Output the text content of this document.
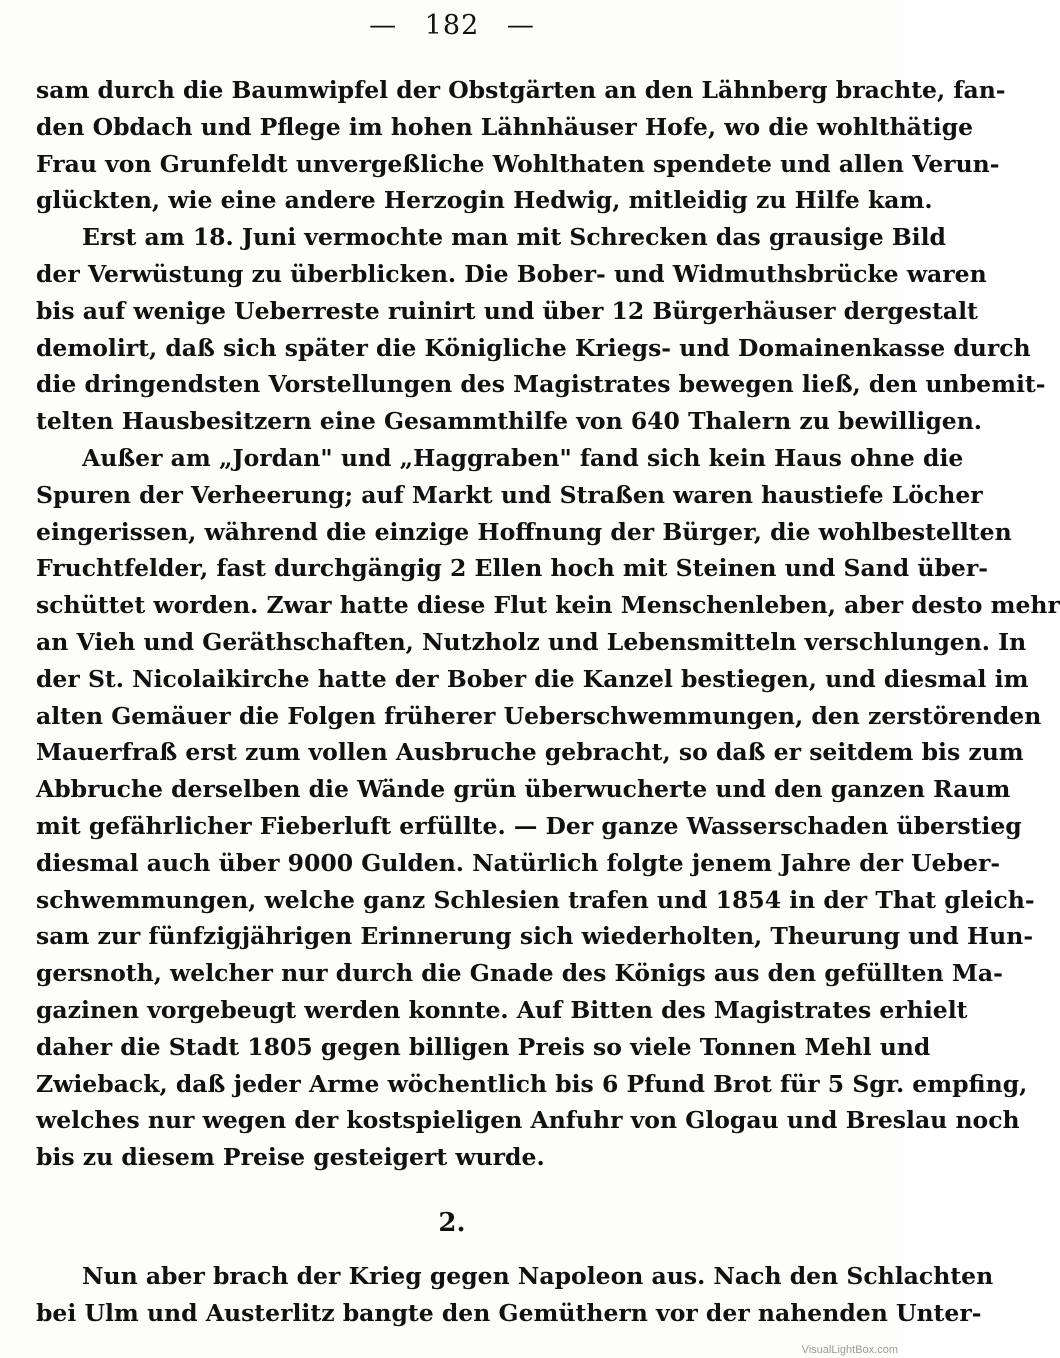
— 182 —
sam durch die Baumwipfel der Obstgärten an den Lähnberg brachte, fan-
den Obdach und Pflege im hohen Lähnhäuser Hofe, wo die wohlthätige
Frau von Grunfeldt unvergeßliche Wohlthaten spendete und allen Verun-
glückten, wie eine andere Herzogin Hedwig, mitleidig zu Hilfe kam.
Erst am 18. Juni vermochte man mit Schrecken das grausige Bild
der Verwüstung zu überblicken. Die Bober- und Widmuthsbrücke waren
bis auf wenige Ueberreste ruinirt und über 12 Bürgerhäuser dergestalt
demolirt, daß sich später die Königliche Kriegs- und Domainenkasse durch
die dringendsten Vorstellungen des Magistrates bewegen ließ, den unbemit-
telten Hausbesitzern eine Gesammthilfe von 640 Thalern zu bewilligen.
Außer am „Jordan" und „Haggraben" fand sich kein Haus ohne die
Spuren der Verheerung; auf Markt und Straßen waren haustiefe Löcher
eingerissen, während die einzige Hoffnung der Bürger, die wohlbestellten
Fruchtfelder, fast durchgängig 2 Ellen hoch mit Steinen und Sand über-
schüttet worden. Zwar hatte diese Flut kein Menschenleben, aber desto mehr
an Vieh und Geräthschaften, Nutzholz und Lebensmitteln verschlungen. In
der St. Nicolaikirche hatte der Bober die Kanzel bestiegen, und diesmal im
alten Gemäuer die Folgen früherer Ueberschwemmungen, den zerstörenden
Mauerfraß erst zum vollen Ausbruche gebracht, so daß er seitdem bis zum
Abbruche derselben die Wände grün überwucherte und den ganzen Raum
mit gefährlicher Fieberluft erfüllte. — Der ganze Wasserschaden überstieg
diesmal auch über 9000 Gulden. Natürlich folgte jenem Jahre der Ueber-
schwemmungen, welche ganz Schlesien trafen und 1854 in der That gleich-
sam zur fünfzigjährigen Erinnerung sich wiederholten, Theurung und Hun-
gersnoth, welcher nur durch die Gnade des Königs aus den gefüllten Ma-
gazinen vorgebeugt werden konnte. Auf Bitten des Magistrates erhielt
daher die Stadt 1805 gegen billigen Preis so viele Tonnen Mehl und
Zwieback, daß jeder Arme wöchentlich bis 6 Pfund Brot für 5 Sgr. empfing,
welches nur wegen der kostspieligen Anfuhr von Glogau und Breslau noch
bis zu diesem Preise gesteigert wurde.
2.
Nun aber brach der Krieg gegen Napoleon aus. Nach den Schlachten
bei Ulm und Austerlitz bangte den Gemüthern vor der nahenden Unter-
VisualLightBox.com
